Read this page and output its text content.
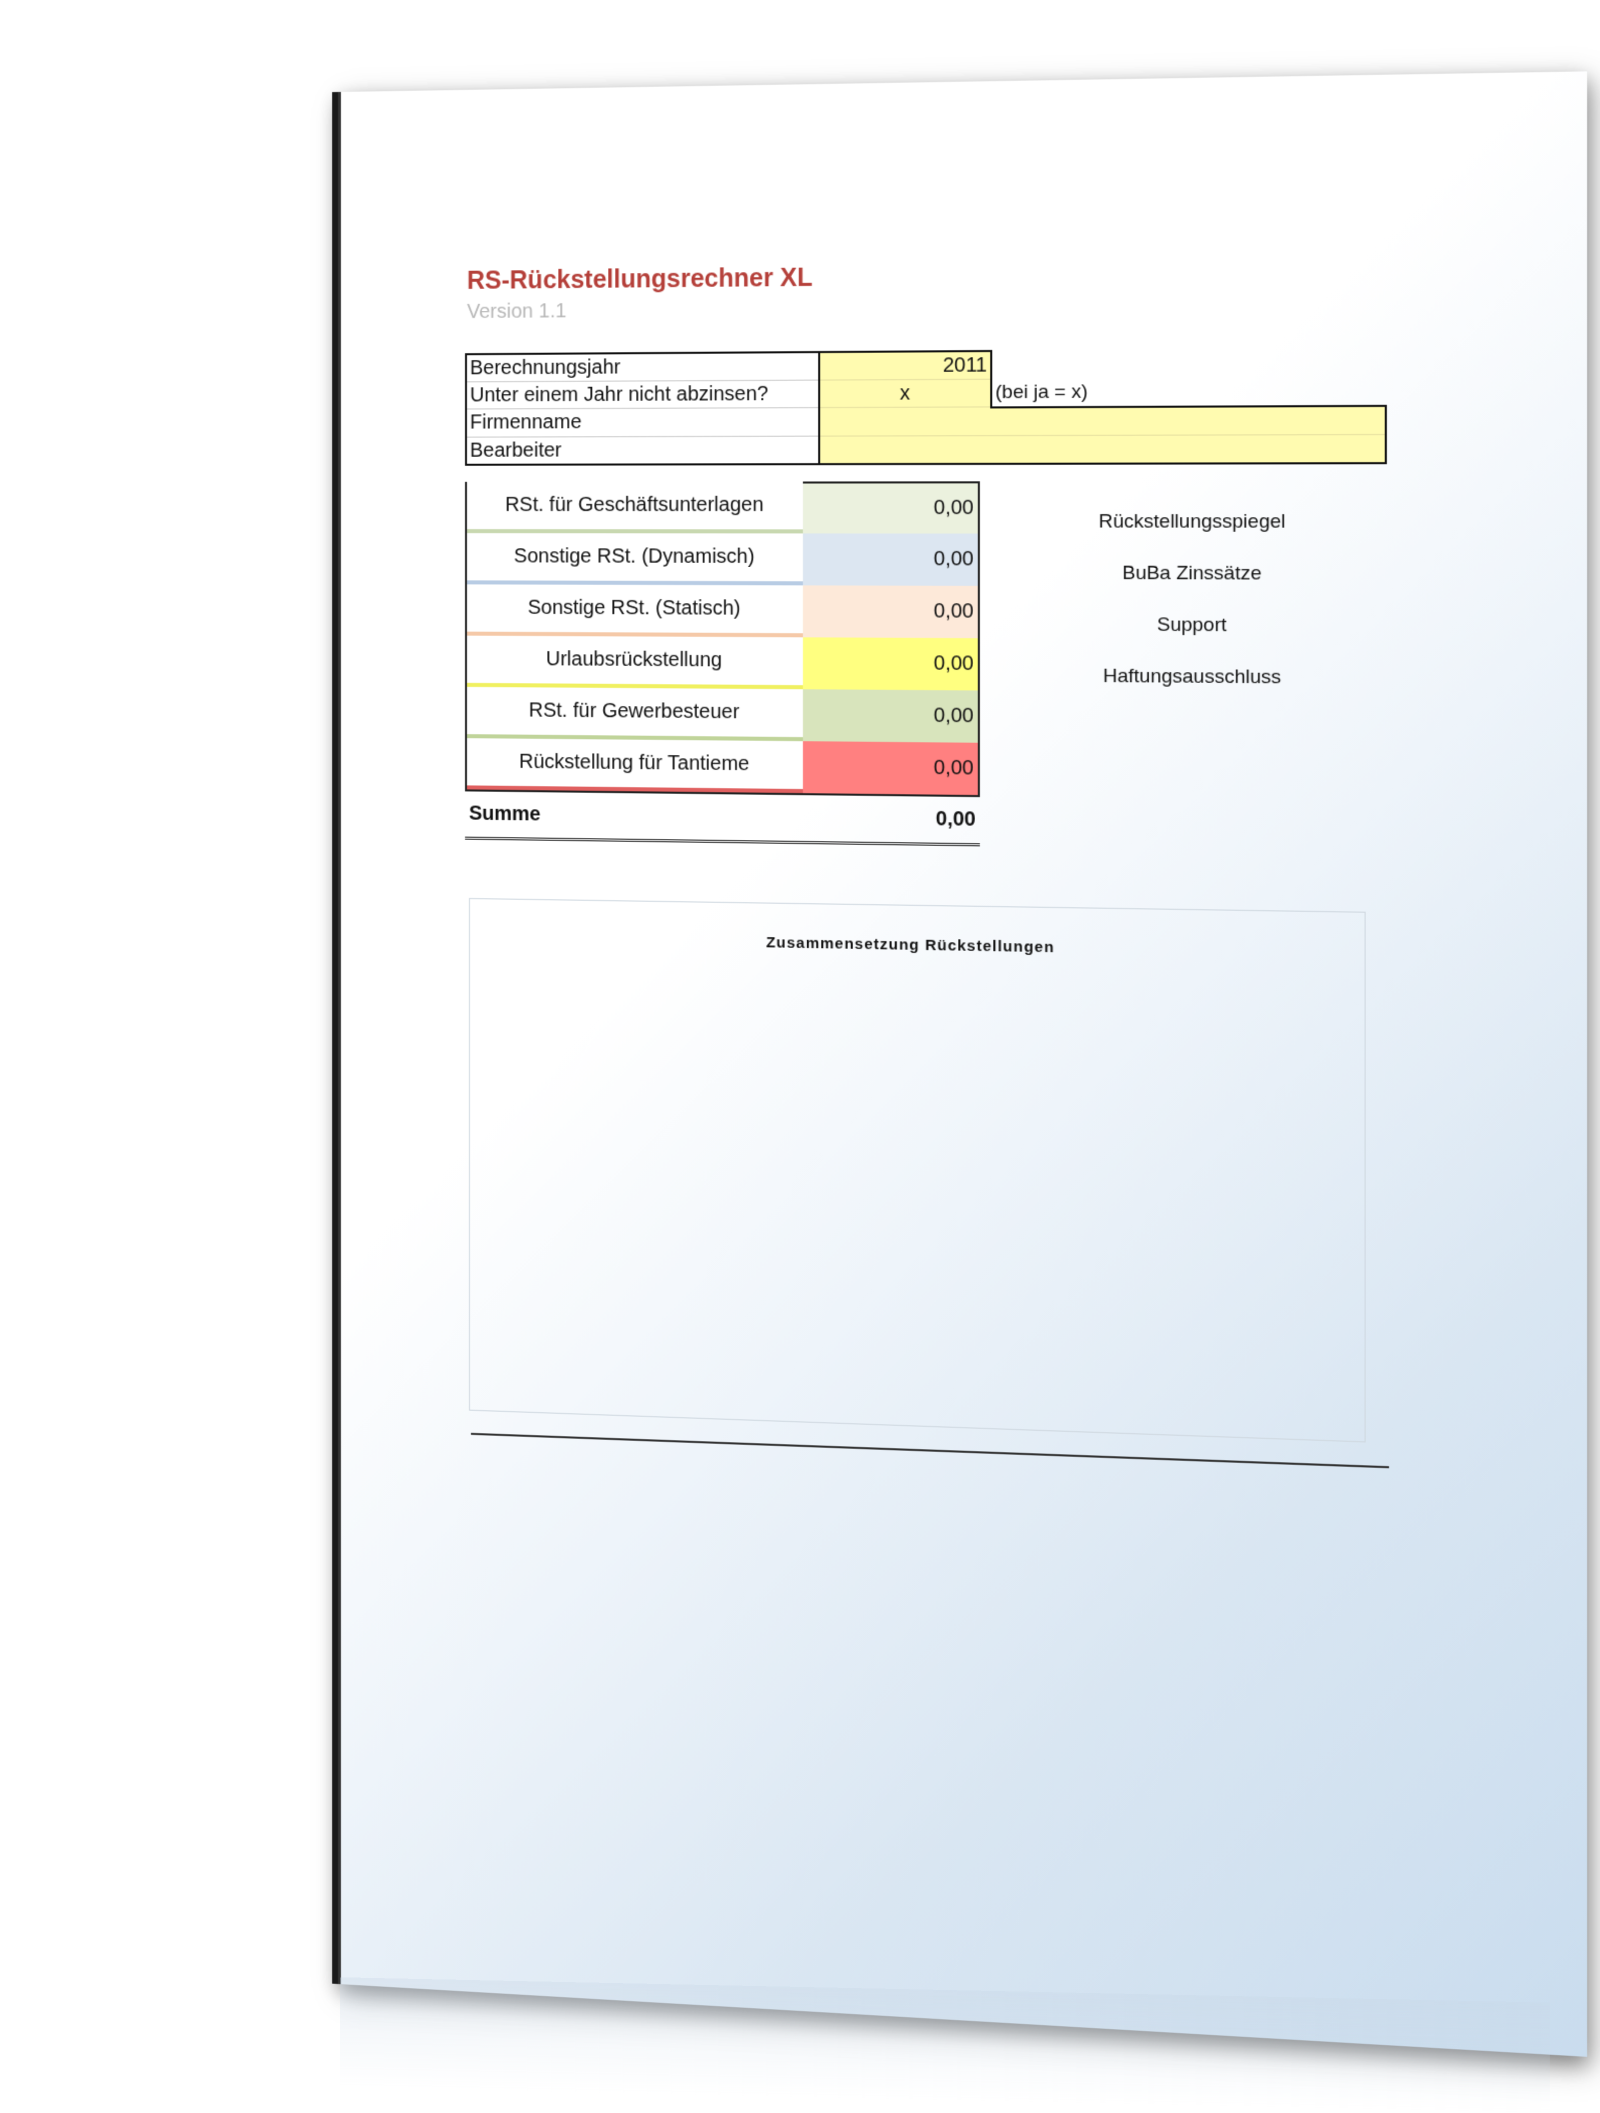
RS-Rückstellungsrechner XL
Version 1.1
Berechnungsjahr	2011	
Unter einem Jahr nicht abzinsen?	x	(bei ja = x)
Firmenname		
Bearbeiter		
RSt. für Geschäftsunterlagen	0,00
Sonstige RSt. (Dynamisch)	0,00
Sonstige RSt. (Statisch)	0,00
Urlaubsrückstellung	0,00
RSt. für Gewerbesteuer	0,00
Rückstellung für Tantieme	0,00
Summe	0,00
Rückstellungsspiegel
BuBa Zinssätze
Support
Haftungsausschluss
Zusammensetzung Rückstellungen
